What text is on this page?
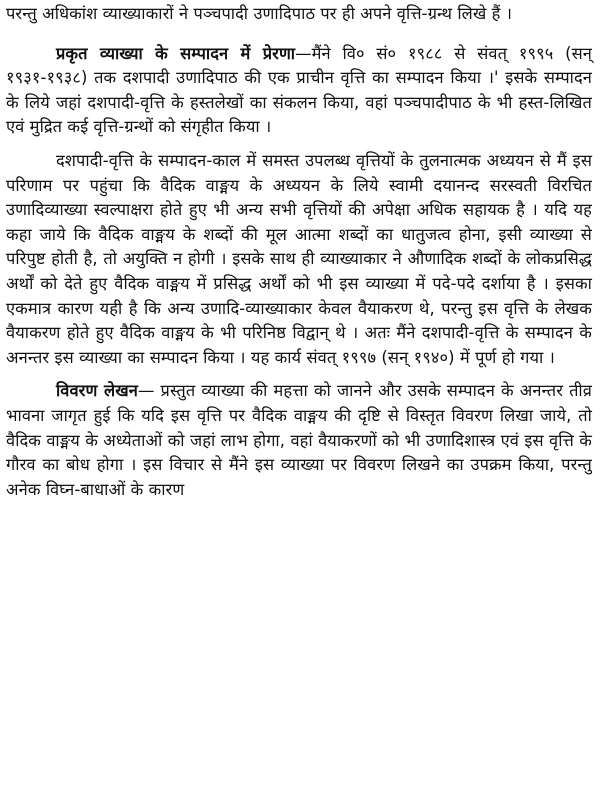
परन्तु अधिकांश व्याख्याकारों ने पञ्चपादी उणादिपाठ पर ही अपने वृत्ति-ग्रन्थ लिखे हैं ।

प्रकृत व्याख्या के सम्पादन में प्रेरणा—मैंने वि० सं० १९८८ से संवत् १९९५ (सन् १९३१-१९३८) तक दशपादी उणादिपाठ की एक प्राचीन वृत्ति का सम्पादन किया ।' इसके सम्पादन के लिये जहां दशपादी-वृत्ति के हस्तलेखों का संकलन किया, वहां पञ्चपादीपाठ के भी हस्त-लिखित एवं मुद्रित कई वृत्ति-ग्रन्थों को संगृहीत किया ।

दशपादी-वृत्ति के सम्पादन-काल में समस्त उपलब्ध वृत्तियों के तुलनात्मक अध्ययन से मैं इस परिणाम पर पहुंचा कि वैदिक वाङ्मय के अध्ययन के लिये स्वामी दयानन्द सरस्वती विरचित उणादिव्याख्या स्वल्पाक्षरा होते हुए भी अन्य सभी वृत्तियों की अपेक्षा अधिक सहायक है । यदि यह कहा जाये कि वैदिक वाङ्मय के शब्दों की मूल आत्मा शब्दों का धातुजत्व होना, इसी व्याख्या से परिपुष्ट होती है, तो अयुक्ति न होगी । इसके साथ ही व्याख्याकार ने औणादिक शब्दों के लोकप्रसिद्ध अर्थों को देते हुए वैदिक वाङ्मय में प्रसिद्ध अर्थों को भी इस व्याख्या में पदे-पदे दर्शाया है । इसका एकमात्र कारण यही है कि अन्य उणादि-व्याख्याकार केवल वैयाकरण थे, परन्तु इस वृत्ति के लेखक वैयाकरण होते हुए वैदिक वाङ्मय के भी परिनिष्ठ विद्वान् थे । अतः मैंने दशपादी-वृत्ति के सम्पादन के अनन्तर इस व्याख्या का सम्पादन किया । यह कार्य संवत् १९९७ (सन् १९४०) में पूर्ण हो गया ।

विवरण लेखन— प्रस्तुत व्याख्या की महत्ता को जानने और उसके सम्पादन के अनन्तर तीव्र भावना जागृत हुई कि यदि इस वृत्ति पर वैदिक वाङ्मय की दृष्टि से विस्तृत विवरण लिखा जाये, तो वैदिक वाङ्मय के अध्येताओं को जहां लाभ होगा, वहां वैयाकरणों को भी उणादिशास्त्र एवं इस वृत्ति के गौरव का बोध होगा । इस विचार से मैंने इस व्याख्या पर विवरण लिखने का उपक्रम किया, परन्तु अनेक विघ्न-बाधाओं के कारण
